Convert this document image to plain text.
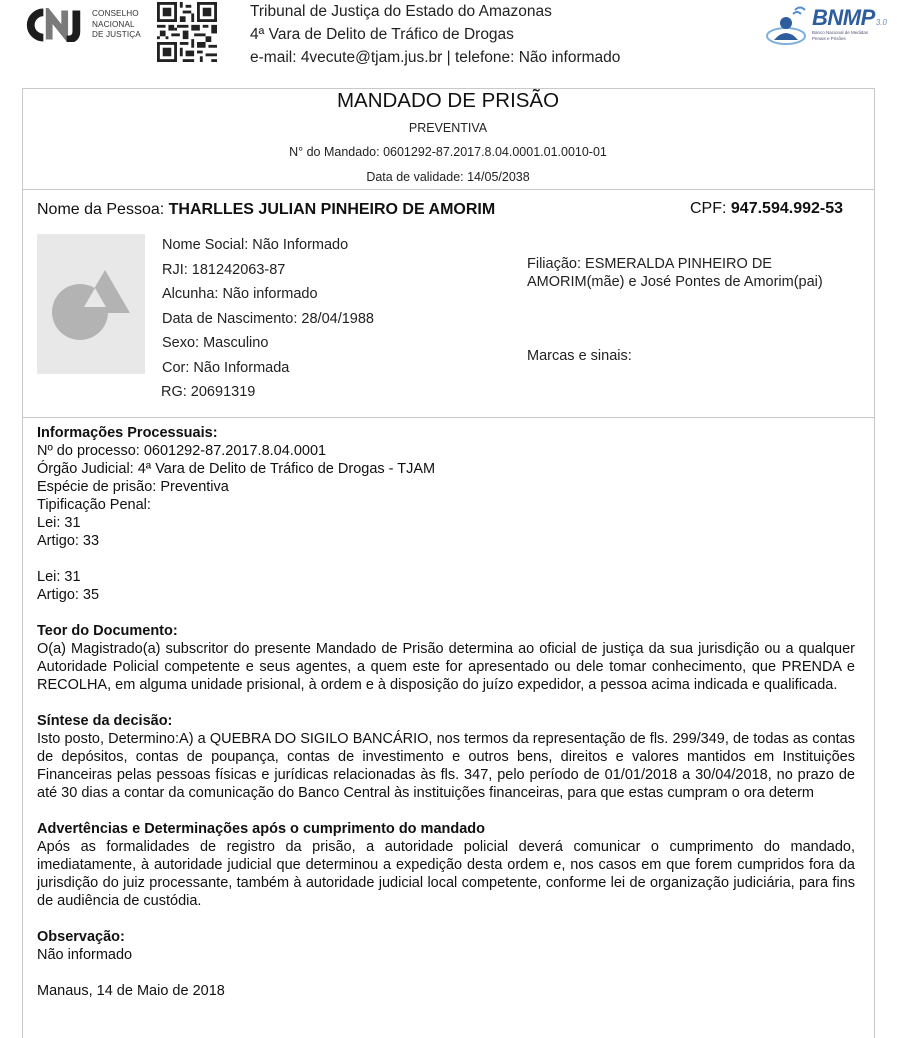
CONSELHO
NACIONAL
DE JUSTIÇA
Tribunal de Justiça do Estado do Amazonas
4ª Vara de Delito de Tráfico de Drogas
e-mail: 4vecute@tjam.jus.br | telefone: Não informado
BNMP 3.0
Banco Nacional de Medidas
Penais e Prisões
MANDADO DE PRISÃO
PREVENTIVA
N° do Mandado: 0601292-87.2017.8.04.0001.01.0010-01
Data de validade: 14/05/2038
Nome da Pessoa: THARLLES JULIAN PINHEIRO DE AMORIM	CPF: 947.594.992-53
Nome Social: Não Informado
RJI: 181242063-87
Alcunha: Não informado
Data de Nascimento: 28/04/1988
Sexo: Masculino
Cor: Não Informada
RG: 20691319
Filiação: ESMERALDA PINHEIRO DE AMORIM(mãe) e José Pontes de Amorim(pai)
Marcas e sinais:
Informações Processuais:
Nº do processo: 0601292-87.2017.8.04.0001
Órgão Judicial: 4ª Vara de Delito de Tráfico de Drogas - TJAM
Espécie de prisão: Preventiva
Tipificação Penal:
Lei: 31
Artigo: 33
Lei: 31
Artigo: 35
Teor do Documento:
O(a) Magistrado(a) subscritor do presente Mandado de Prisão determina ao oficial de justiça da sua jurisdição ou a qualquer Autoridade Policial competente e seus agentes, a quem este for apresentado ou dele tomar conhecimento, que PRENDA e RECOLHA, em alguma unidade prisional, à ordem e à disposição do juízo expedidor, a pessoa acima indicada e qualificada.
Síntese da decisão:
Isto posto, Determino:A) a QUEBRA DO SIGILO BANCÁRIO, nos termos da representação de fls. 299/349, de todas as contas de depósitos, contas de poupança, contas de investimento e outros bens, direitos e valores mantidos em Instituições Financeiras pelas pessoas físicas e jurídicas relacionadas às fls. 347, pelo período de 01/01/2018 a 30/04/2018, no prazo de até 30 dias a contar da comunicação do Banco Central às instituições financeiras, para que estas cumpram o ora determ
Advertências e Determinações após o cumprimento do mandado
Após as formalidades de registro da prisão, a autoridade policial deverá comunicar o cumprimento do mandado, imediatamente, à autoridade judicial que determinou a expedição desta ordem e, nos casos em que forem cumpridos fora da jurisdição do juiz processante, também à autoridade judicial local competente, conforme lei de organização judiciária, para fins de audiência de custódia.
Observação:
Não informado
Manaus, 14 de Maio de 2018
